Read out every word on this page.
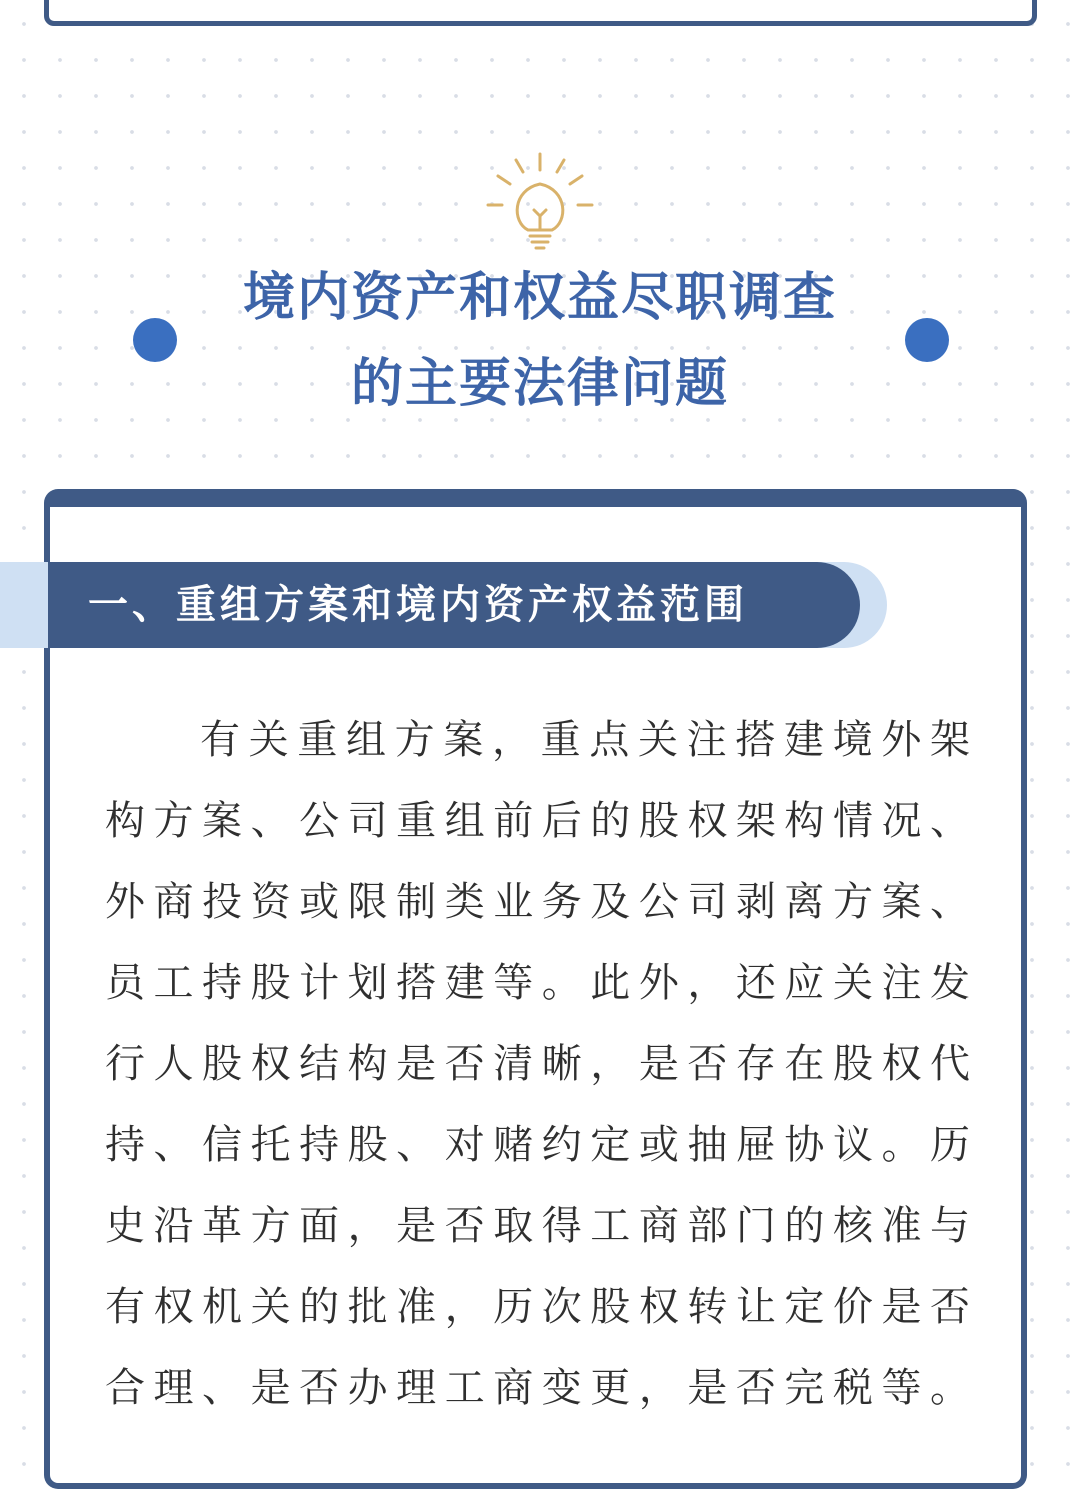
境内资产和权益尽职调查
的主要法律问题
一、重组方案和境内资产权益范围
有关重组方案，重点关注搭建境外架
构方案、公司重组前后的股权架构情况、
外商投资或限制类业务及公司剥离方案、
员工持股计划搭建等。此外，还应关注发
行人股权结构是否清晰，是否存在股权代
持、信托持股、对赌约定或抽屉协议。历
史沿革方面，是否取得工商部门的核准与
有权机关的批准，历次股权转让定价是否
合理、是否办理工商变更，是否完税等。
